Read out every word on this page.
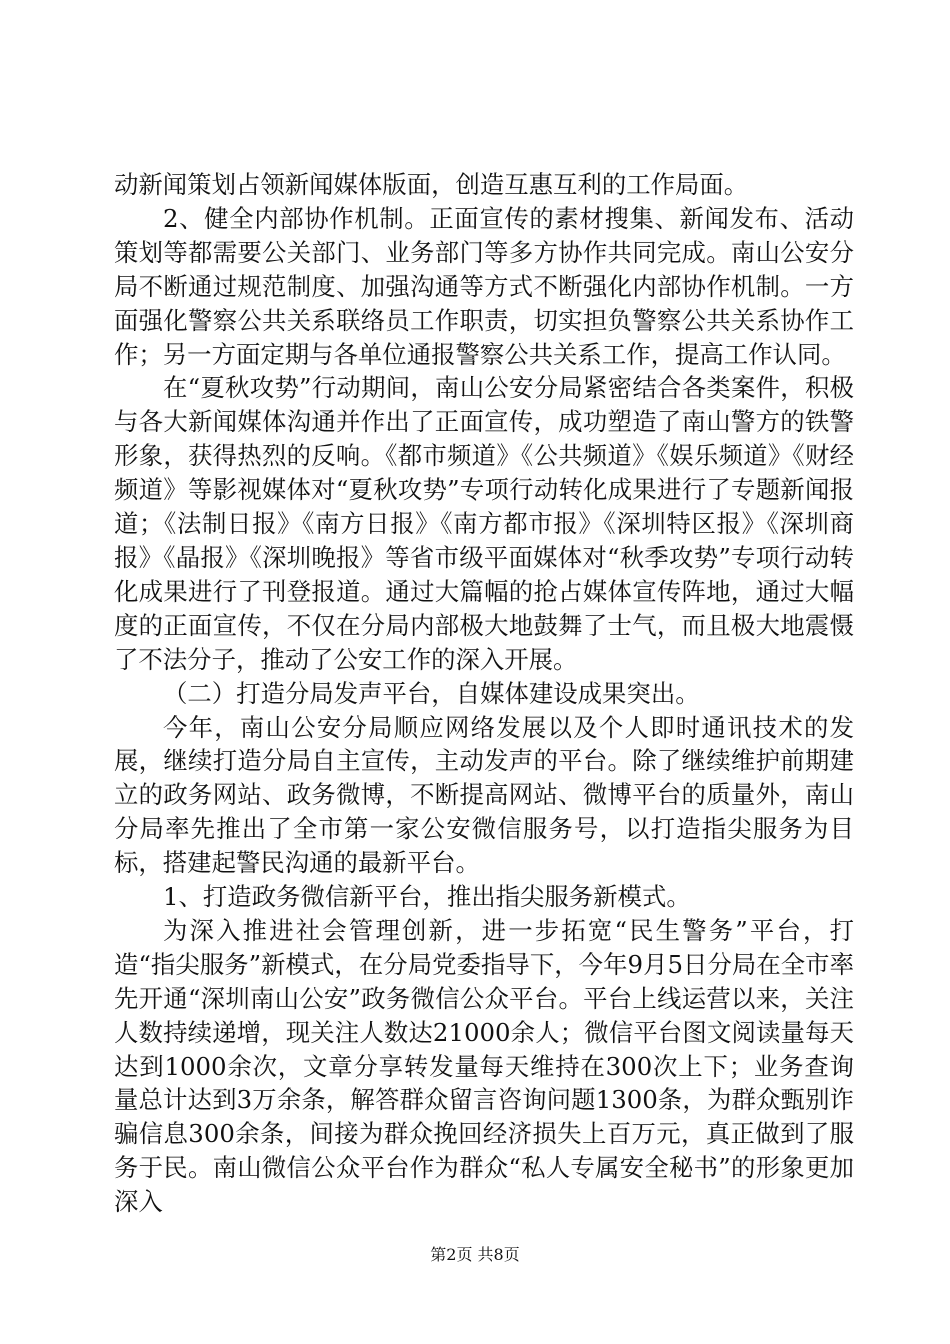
动新闻策划占领新闻媒体版面，创造互惠互利的工作局面。

2、健全内部协作机制。正面宣传的素材搜集、新闻发布、活动策划等都需要公关部门、业务部门等多方协作共同完成。南山公安分局不断通过规范制度、加强沟通等方式不断强化内部协作机制。一方面强化警察公共关系联络员工作职责，切实担负警察公共关系协作工作；另一方面定期与各单位通报警察公共关系工作，提高工作认同。

在“夏秋攻势”行动期间，南山公安分局紧密结合各类案件，积极与各大新闻媒体沟通并作出了正面宣传，成功塑造了南山警方的铁警形象，获得热烈的反响。《都市频道》《公共频道》《娱乐频道》《财经频道》等影视媒体对“夏秋攻势”专项行动转化成果进行了专题新闻报道；《法制日报》《南方日报》《南方都市报》《深圳特区报》《深圳商报》《晶报》《深圳晚报》等省市级平面媒体对“秋季攻势”专项行动转化成果进行了刊登报道。通过大篇幅的抢占媒体宣传阵地，通过大幅度的正面宣传，不仅在分局内部极大地鼓舞了士气，而且极大地震慑了不法分子，推动了公安工作的深入开展。

（二）打造分局发声平台，自媒体建设成果突出。

今年，南山公安分局顺应网络发展以及个人即时通讯技术的发展，继续打造分局自主宣传，主动发声的平台。除了继续维护前期建立的政务网站、政务微博，不断提高网站、微博平台的质量外，南山分局率先推出了全市第一家公安微信服务号，以打造指尖服务为目标，搭建起警民沟通的最新平台。

1、打造政务微信新平台，推出指尖服务新模式。

为深入推进社会管理创新，进一步拓宽“民生警务”平台，打造“指尖服务”新模式，在分局党委指导下，今年9月5日分局在全市率先开通“深圳南山公安”政务微信公众平台。平台上线运营以来，关注人数持续递增，现关注人数达21000余人；微信平台图文阅读量每天达到1000余次，文章分享转发量每天维持在300次上下；业务查询量总计达到3万余条，解答群众留言咨询问题1300条，为群众甄别诈骗信息300余条，间接为群众挽回经济损失上百万元，真正做到了服务于民。南山微信公众平台作为群众“私人专属安全秘书”的形象更加深入

第2页 共8页
